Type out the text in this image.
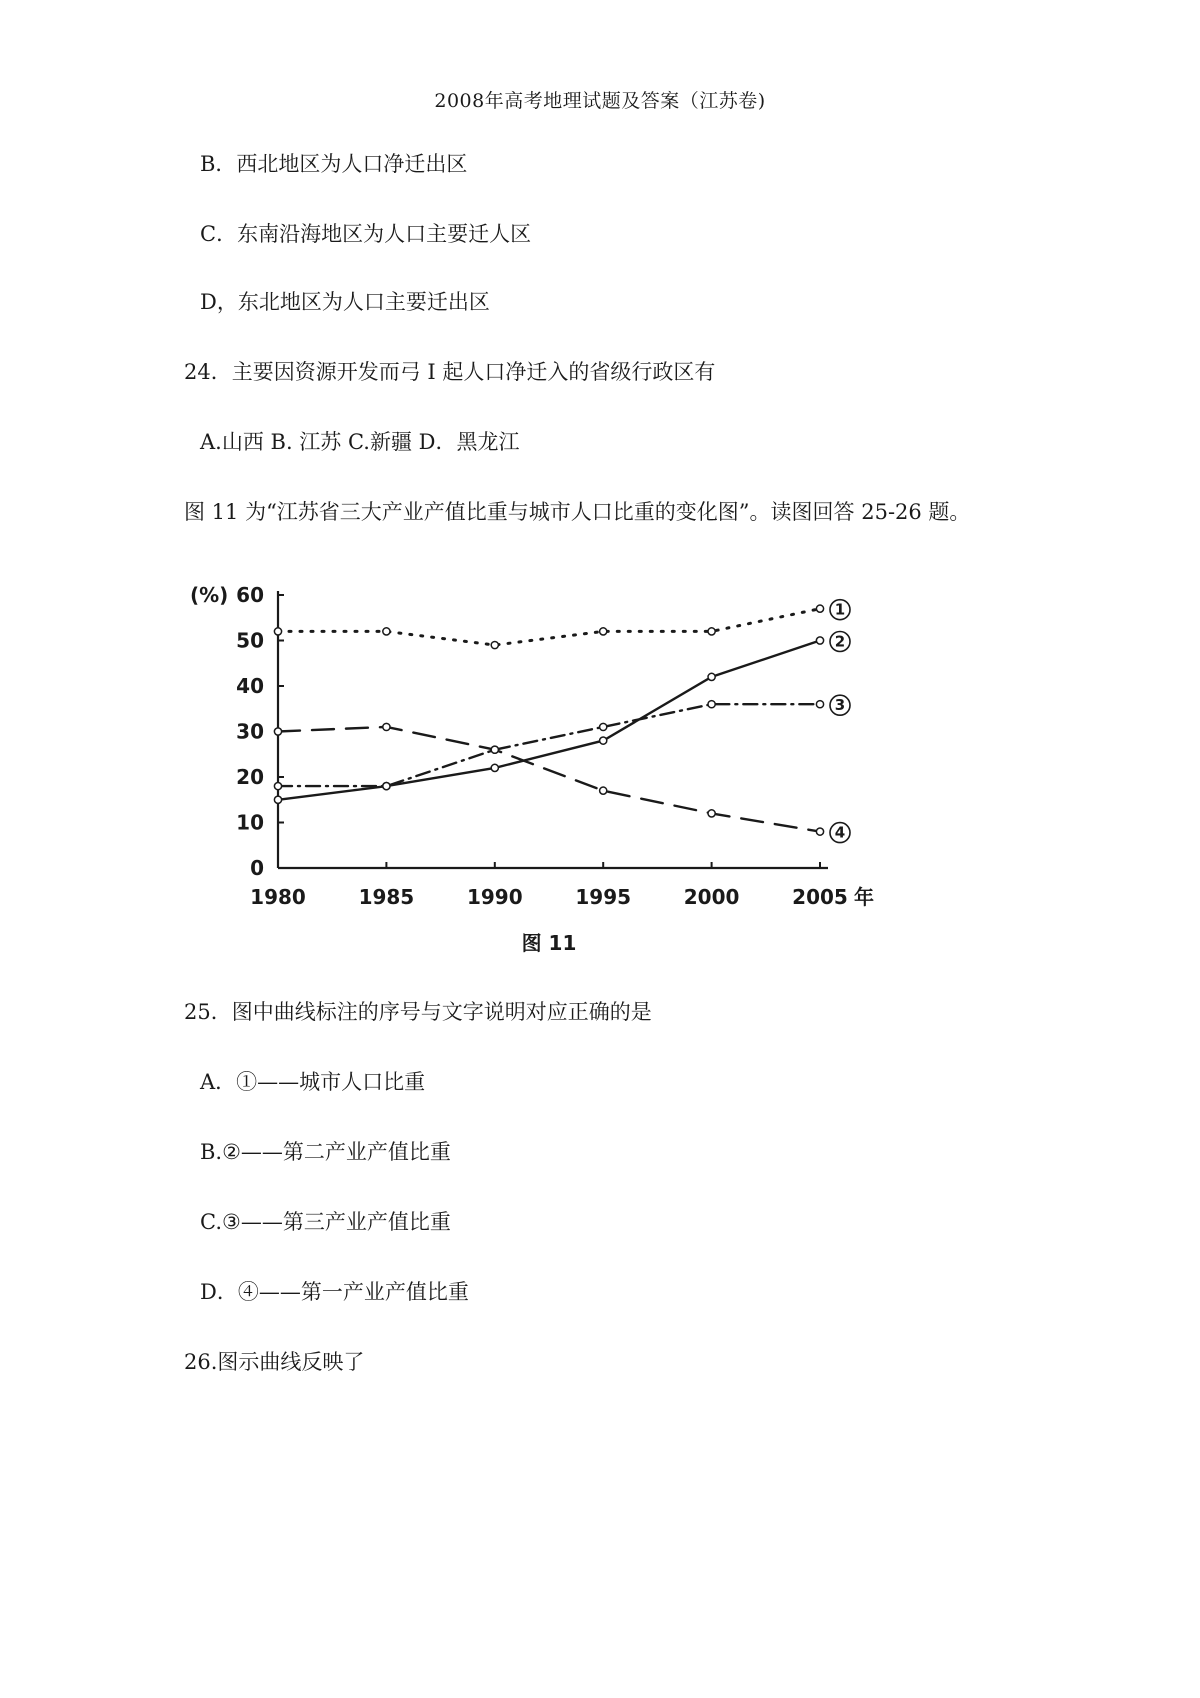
2008年高考地理试题及答案（江苏卷)
B．西北地区为人口净迁出区
C．东南沿海地区为人口主要迁人区
D，东北地区为人口主要迁出区
24．主要因资源开发而弓 I 起人口净迁入的省级行政区有
A.山西 B. 江苏 C.新疆 D．黑龙江
图 11 为“江苏省三大产业产值比重与城市人口比重的变化图”。读图回答 25-26 题。
0
10
20
30
40
50
60
1980	1985	1990	1995	2000	2005 年
1
2
3
4
(%)
图 11
25．图中曲线标注的序号与文字说明对应正确的是
A．①——城市人口比重
B.②——第二产业产值比重
C.③——第三产业产值比重
D．④——第一产业产值比重
26.图示曲线反映了
